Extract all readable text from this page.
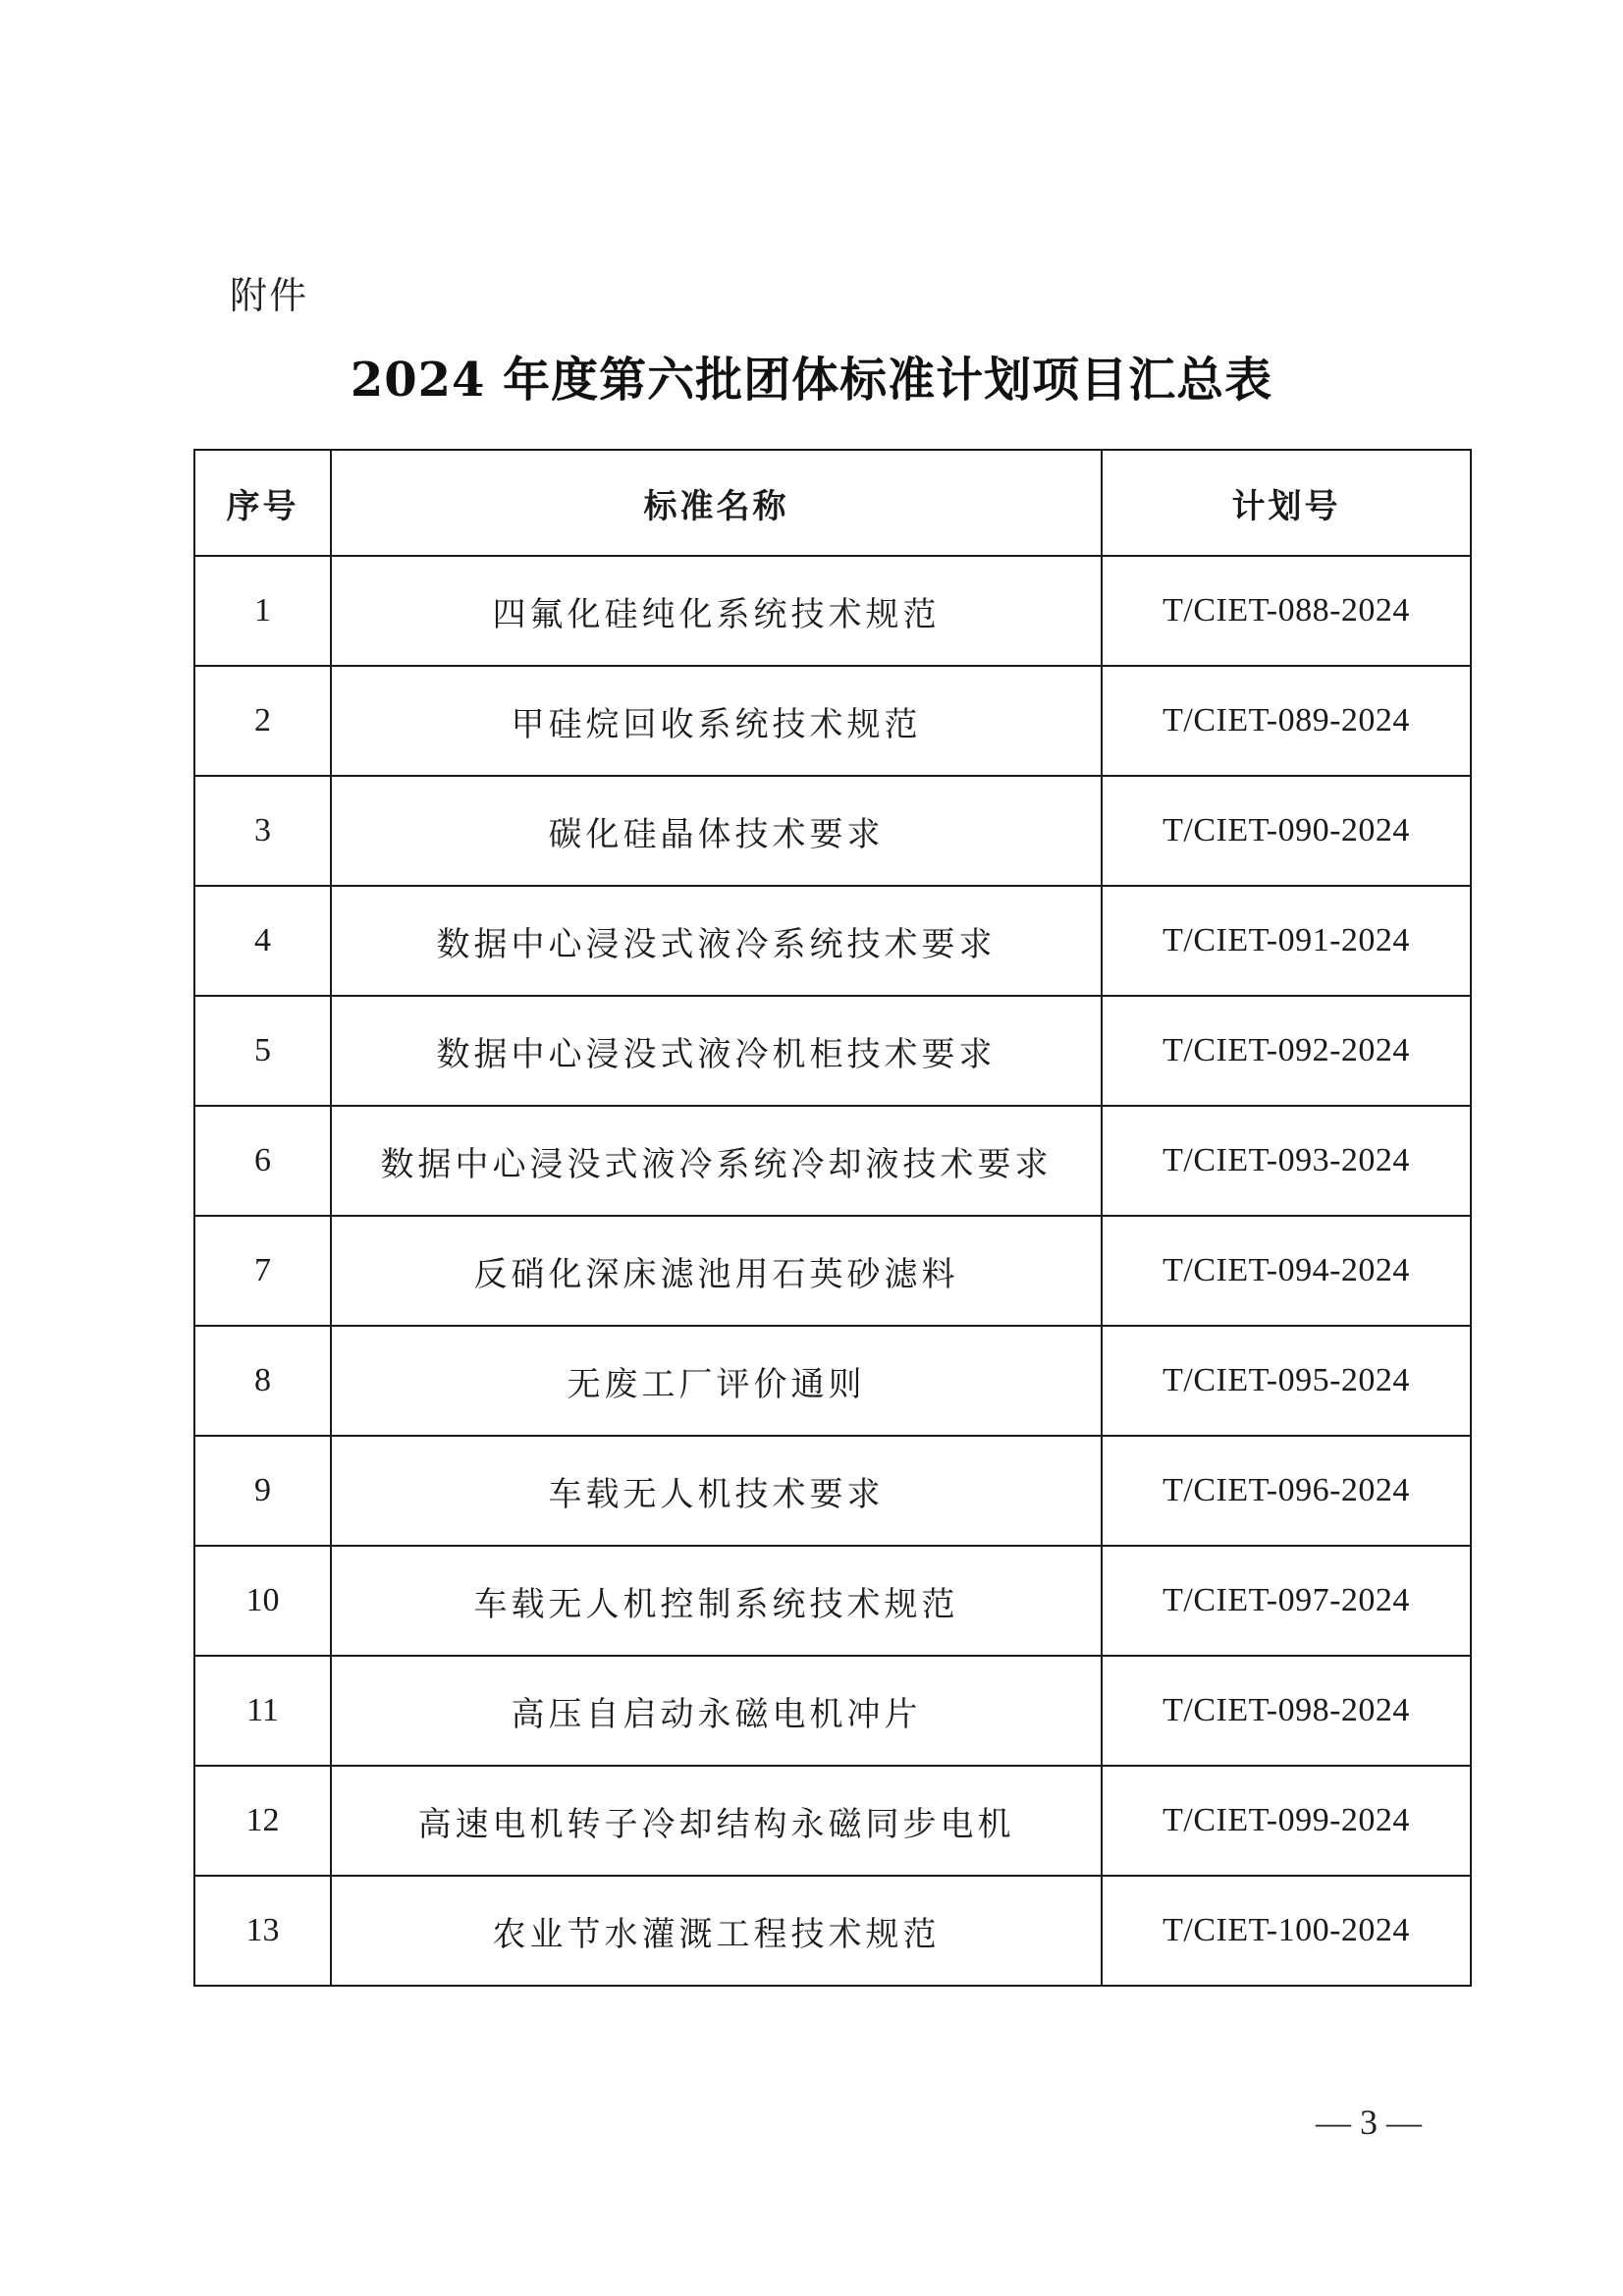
附件
2024 年度第六批团体标准计划项目汇总表
序号	标准名称	计划号
1	四氟化硅纯化系统技术规范	T/CIET-088-2024
2	甲硅烷回收系统技术规范	T/CIET-089-2024
3	碳化硅晶体技术要求	T/CIET-090-2024
4	数据中心浸没式液冷系统技术要求	T/CIET-091-2024
5	数据中心浸没式液冷机柜技术要求	T/CIET-092-2024
6	数据中心浸没式液冷系统冷却液技术要求	T/CIET-093-2024
7	反硝化深床滤池用石英砂滤料	T/CIET-094-2024
8	无废工厂评价通则	T/CIET-095-2024
9	车载无人机技术要求	T/CIET-096-2024
10	车载无人机控制系统技术规范	T/CIET-097-2024
11	高压自启动永磁电机冲片	T/CIET-098-2024
12	高速电机转子冷却结构永磁同步电机	T/CIET-099-2024
13	农业节水灌溉工程技术规范	T/CIET-100-2024
— 3 —
